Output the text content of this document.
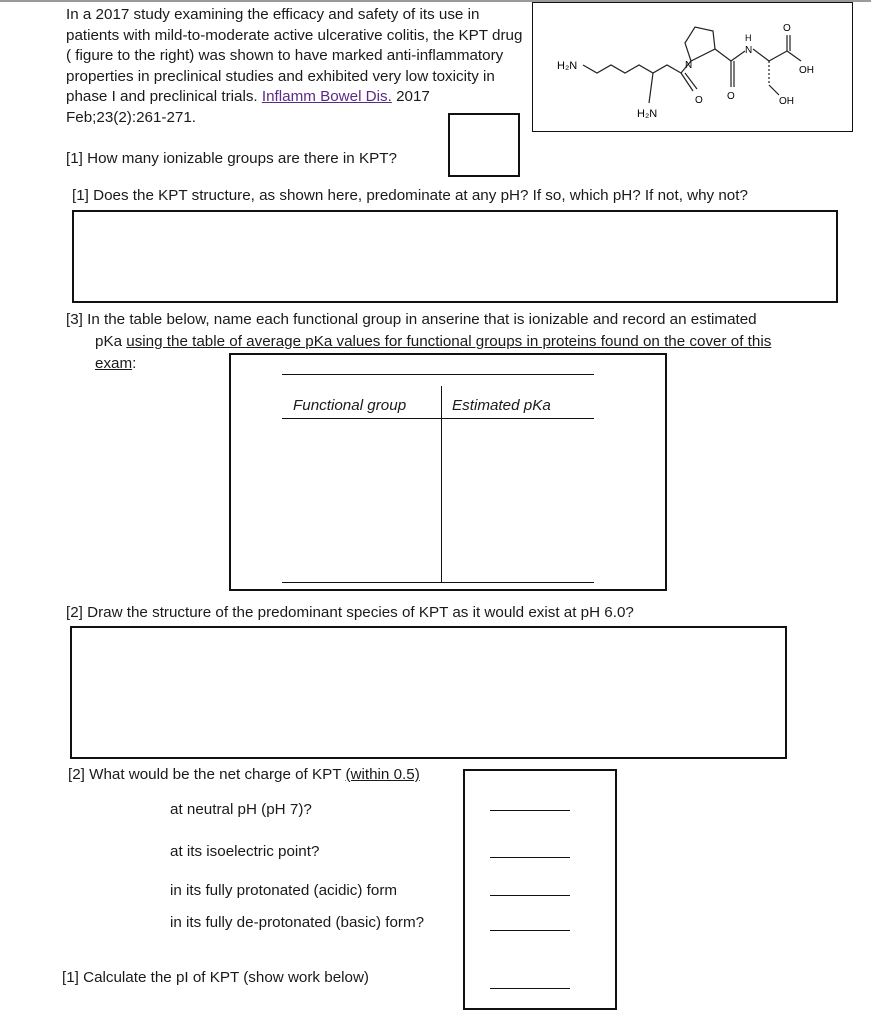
In a 2017 study examining the efficacy and safety of its use in patients with mild-to-moderate active ulcerative colitis, the KPT drug ( figure to the right) was shown to have marked anti-inflammatory properties in preclinical studies and exhibited very low toxicity in phase I and preclinical trials. Inflamm Bowel Dis. 2017 Feb;23(2):261-271.
H₂N
H₂N
N
N
H
O O
O
OH
OH
[1] How many ionizable groups are there in KPT?
[1] Does the KPT structure, as shown here, predominate at any pH? If so, which pH? If not, why not?
[3] In the table below, name each functional group in anserine that is ionizable and record an estimated
pKa using the table of average pKa values for functional groups in proteins found on the cover of this
exam:
Functional group	Estimated pKa
[2] Draw the structure of the predominant species of KPT as it would exist at pH 6.0?
[2] What would be the net charge of KPT (within 0.5)
at neutral pH (pH 7)?
at its isoelectric point?
in its fully protonated (acidic) form
in its fully de-protonated (basic) form?
[1] Calculate the pI of KPT (show work below)
